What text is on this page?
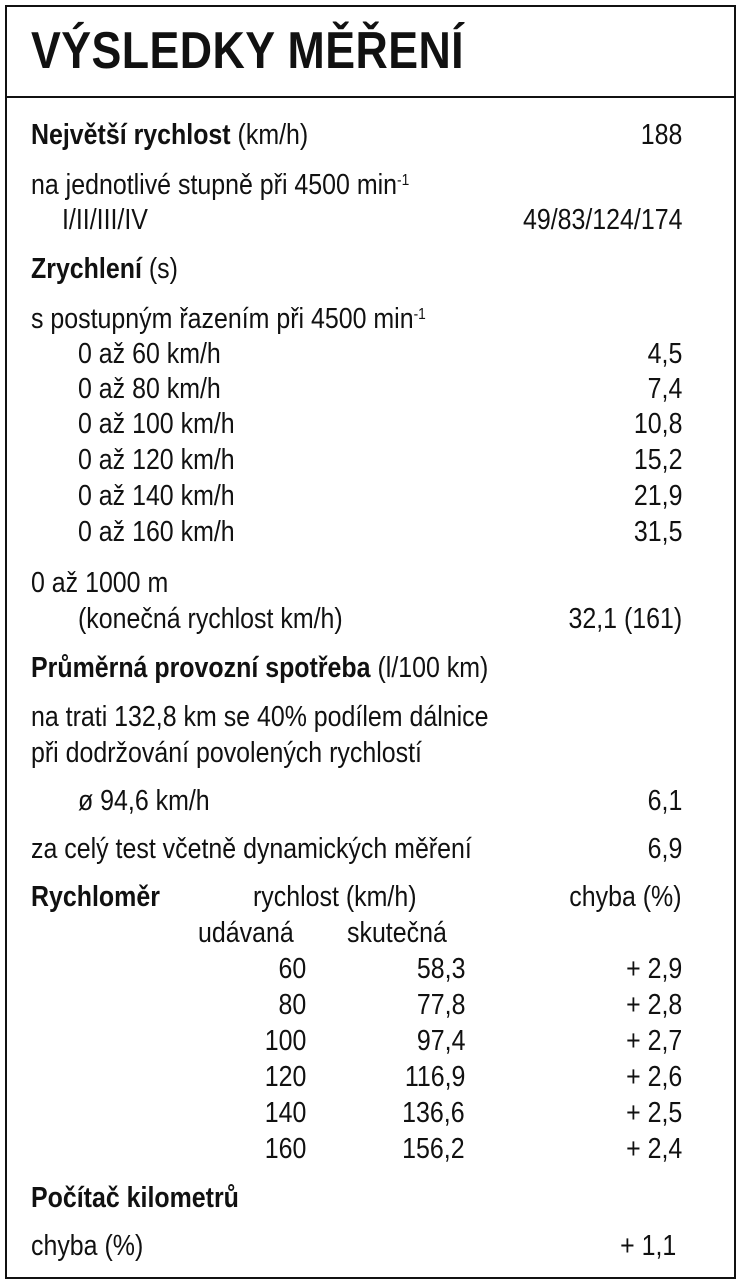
VÝSLEDKY MĚŘENÍ
Největší rychlost (km/h)	188
na jednotlivé stupně při 4500 $\min^{-1}$
I/II/III/IV	49/83/124/174
Zrychlení (s)
s postupným řazením při 4500 $\min^{-1}$
0 až 60 km/h	4,5
0 až 80 km/h	7,4
0 až 100 km/h	10,8
0 až 120 km/h	15,2
0 až 140 km/h	21,9
0 až 160 km/h	31,5
0 až 1000 m
(konečná rychlost km/h)	32,1 (161)
Průměrná provozní spotřeba (l/100 km)
na trati 132,8 km se 40% podílem dálnice
při dodržování povolených rychlostí
ø 94,6 km/h	6,1
za celý test včetně dynamických měření	6,9
Rychloměr	rychlost (km/h)	chyba (%)
udávaná skutečná
60	58,3	+ 2,9
80	77,8	+ 2,8
100	97,4	+ 2,7
120	116,9	+ 2,6
140	136,6	+ 2,5
160	156,2	+ 2,4
Počítač kilometrů
chyba (%)	+ 1,1
